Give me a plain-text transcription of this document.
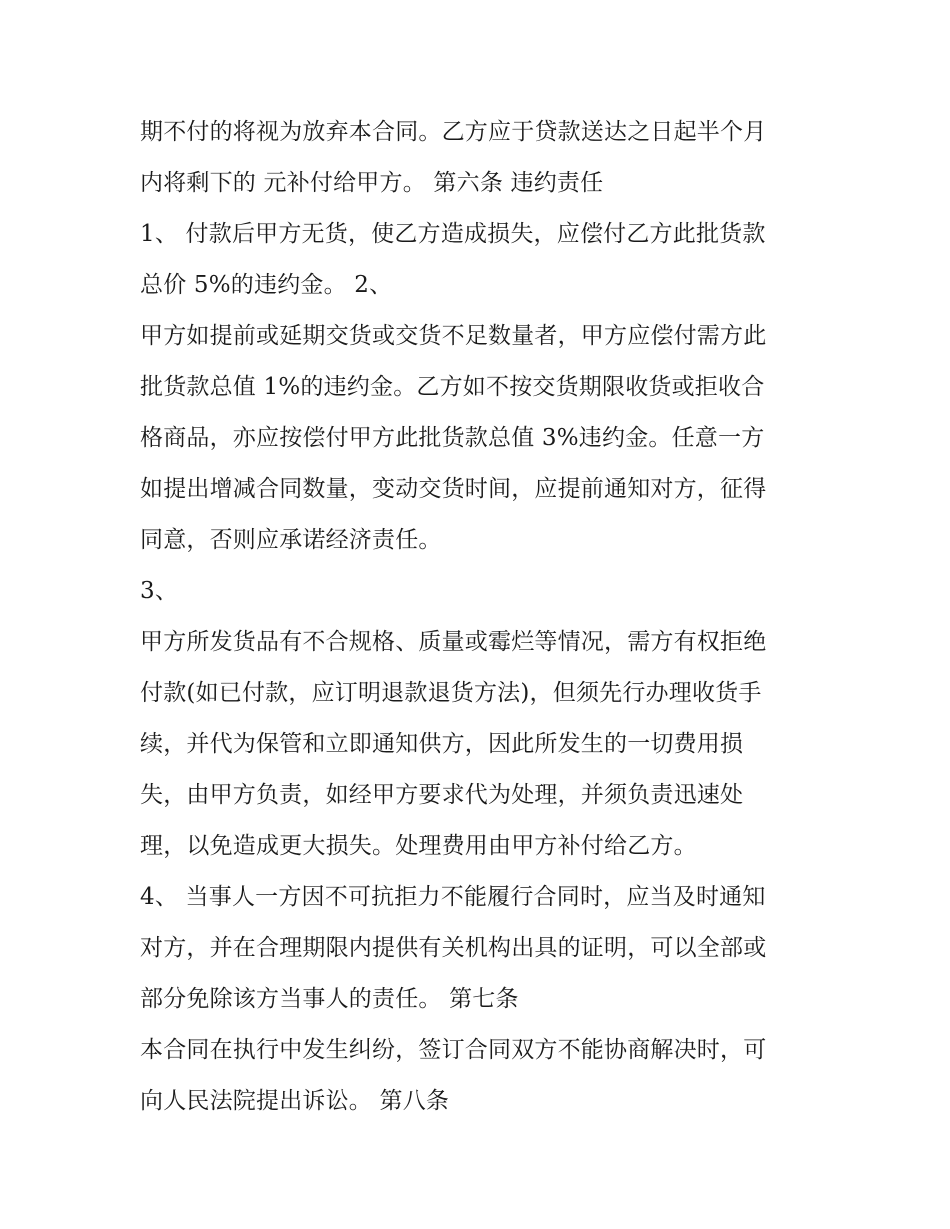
期不付的将视为放弃本合同。乙方应于贷款送达之日起半个月
内将剩下的 元补付给甲方。 第六条 违约责任
1、 付款后甲方无货，使乙方造成损失，应偿付乙方此批货款
总价 5%的违约金。 2、
甲方如提前或延期交货或交货不足数量者，甲方应偿付需方此
批货款总值 1%的违约金。乙方如不按交货期限收货或拒收合
格商品，亦应按偿付甲方此批货款总值 3%违约金。任意一方
如提出增减合同数量，变动交货时间，应提前通知对方，征得
同意，否则应承诺经济责任。
3、
甲方所发货品有不合规格、质量或霉烂等情况，需方有权拒绝
付款(如已付款，应订明退款退货方法)，但须先行办理收货手
续，并代为保管和立即通知供方，因此所发生的一切费用损
失，由甲方负责，如经甲方要求代为处理，并须负责迅速处
理，以免造成更大损失。处理费用由甲方补付给乙方。
4、 当事人一方因不可抗拒力不能履行合同时，应当及时通知
对方，并在合理期限内提供有关机构出具的证明，可以全部或
部分免除该方当事人的责任。 第七条
本合同在执行中发生纠纷，签订合同双方不能协商解决时，可
向人民法院提出诉讼。 第八条
